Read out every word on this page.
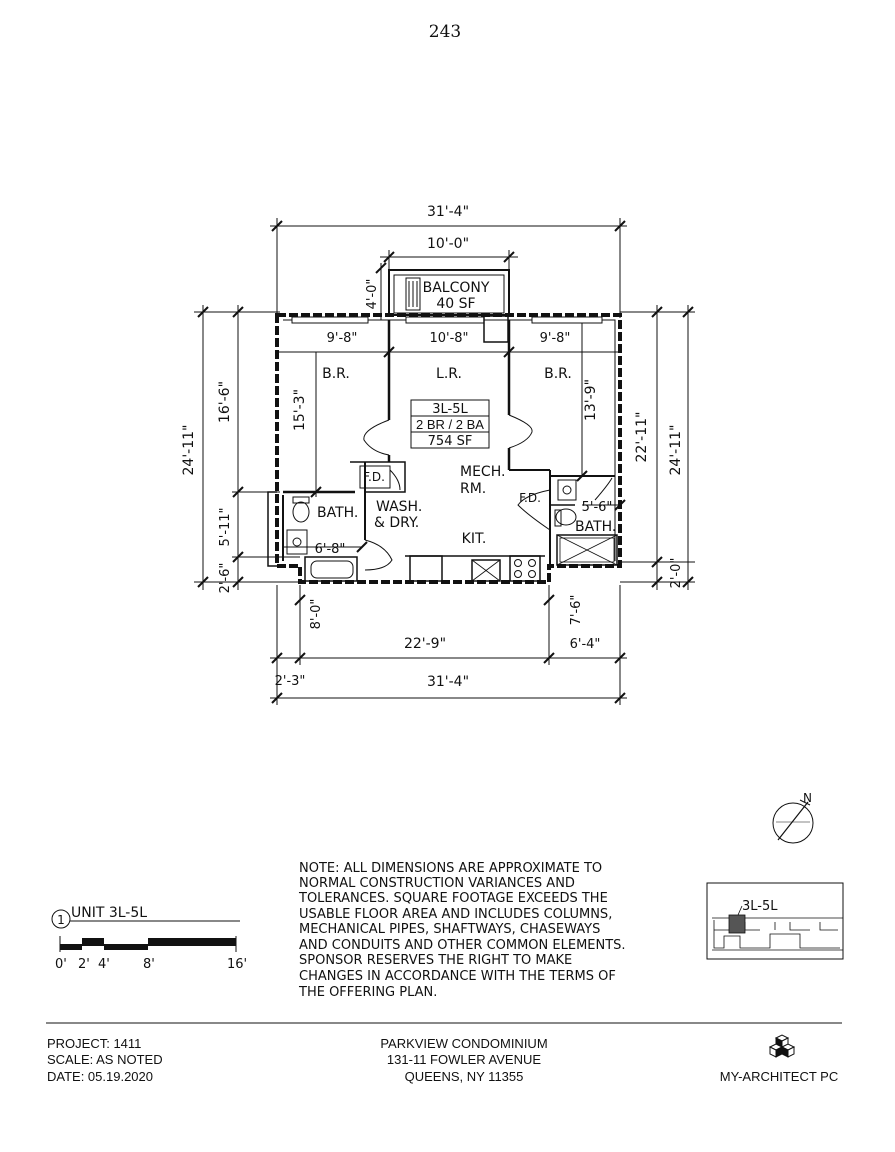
243
31'-4"
10'-0"
4'-0"
9'-8"	10'-8"	9'-8"
24'-11"
16'-6"
5'-11"
2'-6"
15'-3"	13'-9"
22'-11" 24'-11"
2'-0"
5'-6"
6'-8"
8'-0"	7'-6"
22'-9"	6'-4"
2'-3"	31'-4"
BALCONY
40 SF
B.R.	L.R.	B.R.
F.D.
WASH.
& DRY.
MECH.
RM.
F.D.
BATH.
BATH.
KIT.
3L-5L
2 BR / 2 BA
754 SF
N
NOTE: ALL DIMENSIONS ARE APPROXIMATE TO
NORMAL CONSTRUCTION VARIANCES AND
TOLERANCES. SQUARE FOOTAGE EXCEEDS THE
USABLE FLOOR AREA AND INCLUDES COLUMNS,
MECHANICAL PIPES, SHAFTWAYS, CHASEWAYS
AND CONDUITS AND OTHER COMMON ELEMENTS.
SPONSOR RESERVES THE RIGHT TO MAKE
CHANGES IN ACCORDANCE WITH THE TERMS OF
THE OFFERING PLAN.
1 UNIT 3L-5L
0' 2' 4'	8'	16'
3L-5L
PROJECT: 1411
SCALE: AS NOTED
DATE: 05.19.2020
PARKVIEW CONDOMINIUM
131-11 FOWLER AVENUE
QUEENS, NY 11355	MY-ARCHITECT PC
